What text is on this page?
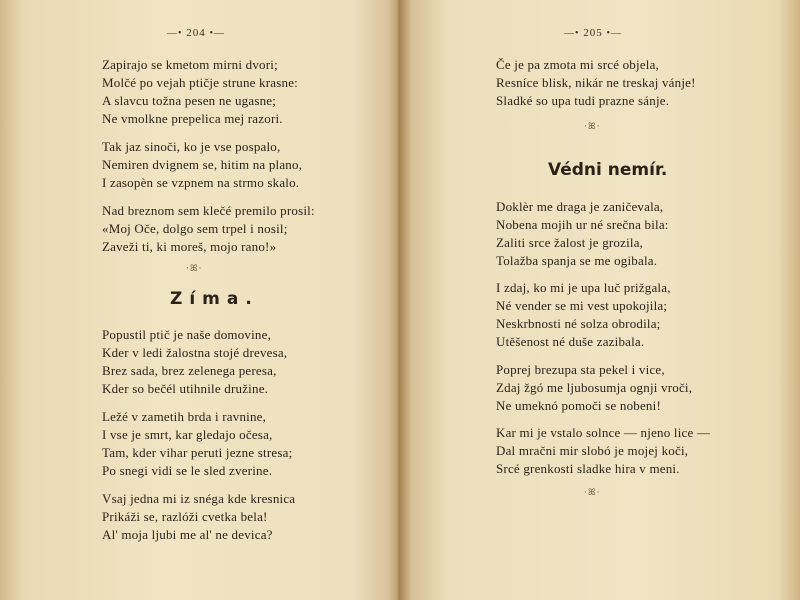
—• 204 •—
Zapirajo se kmetom mirni dvori;
Molčé po vejah ptičje strune krasne:
A slavcu tožna pesen ne ugasne;
Ne vmolkne prepelica mej razori.
Tak jaz sinoči, ko je vse pospalo,
Nemiren dvignem se, hitim na plano,
I zasopèn se vzpnem na strmo skalo.
Nad breznom sem klečé premilo prosil:
«Moj Oče, dolgo sem trpel i nosil;
Zaveži ti, ki moreš, mojo rano!»
·ꕤ·
Zíma.
Popustil ptič je naše domovine,
Kder v ledi žalostna stojé drevesa,
Brez sada, brez zelenega peresa,
Kder so bečél utihnile družine.
Ležé v zametih brda i ravnine,
I vse je smrt, kar gledajo očesa,
Tam, kder vihar peruti jezne stresa;
Po snegi vidi se le sled zverine.
Vsaj jedna mi iz snéga kde kresnica
Prikáži se, razlóži cvetka bela!
Al' moja ljubi me al' ne devica?
—• 205 •—
Če je pa zmota mi srcé objela,
Resníce blisk, nikár ne treskaj vánje!
Sladké so upa tudi prazne sánje.
·ꕤ·
Védni nemír.
Doklèr me draga je zaničevala,
Nobena mojih ur né srečna bila:
Zaliti srce žalost je grozila,
Tolažba spanja se me ogibala.
I zdaj, ko mi je upa luč prižgala,
Né vender se mi vest upokojila;
Neskrbnosti né solza obrodila;
Utěšenost né duše zazibala.
Poprej brezupa sta pekel i vice,
Zdaj žgó me ljubosumja ognji vroči,
Ne umeknó pomoči se nobeni!
Kar mi je vstalo solnce — njeno lice —
Dal mračni mir slobó je mojej koči,
Srcé grenkosti sladke hira v meni.
·ꕤ·
